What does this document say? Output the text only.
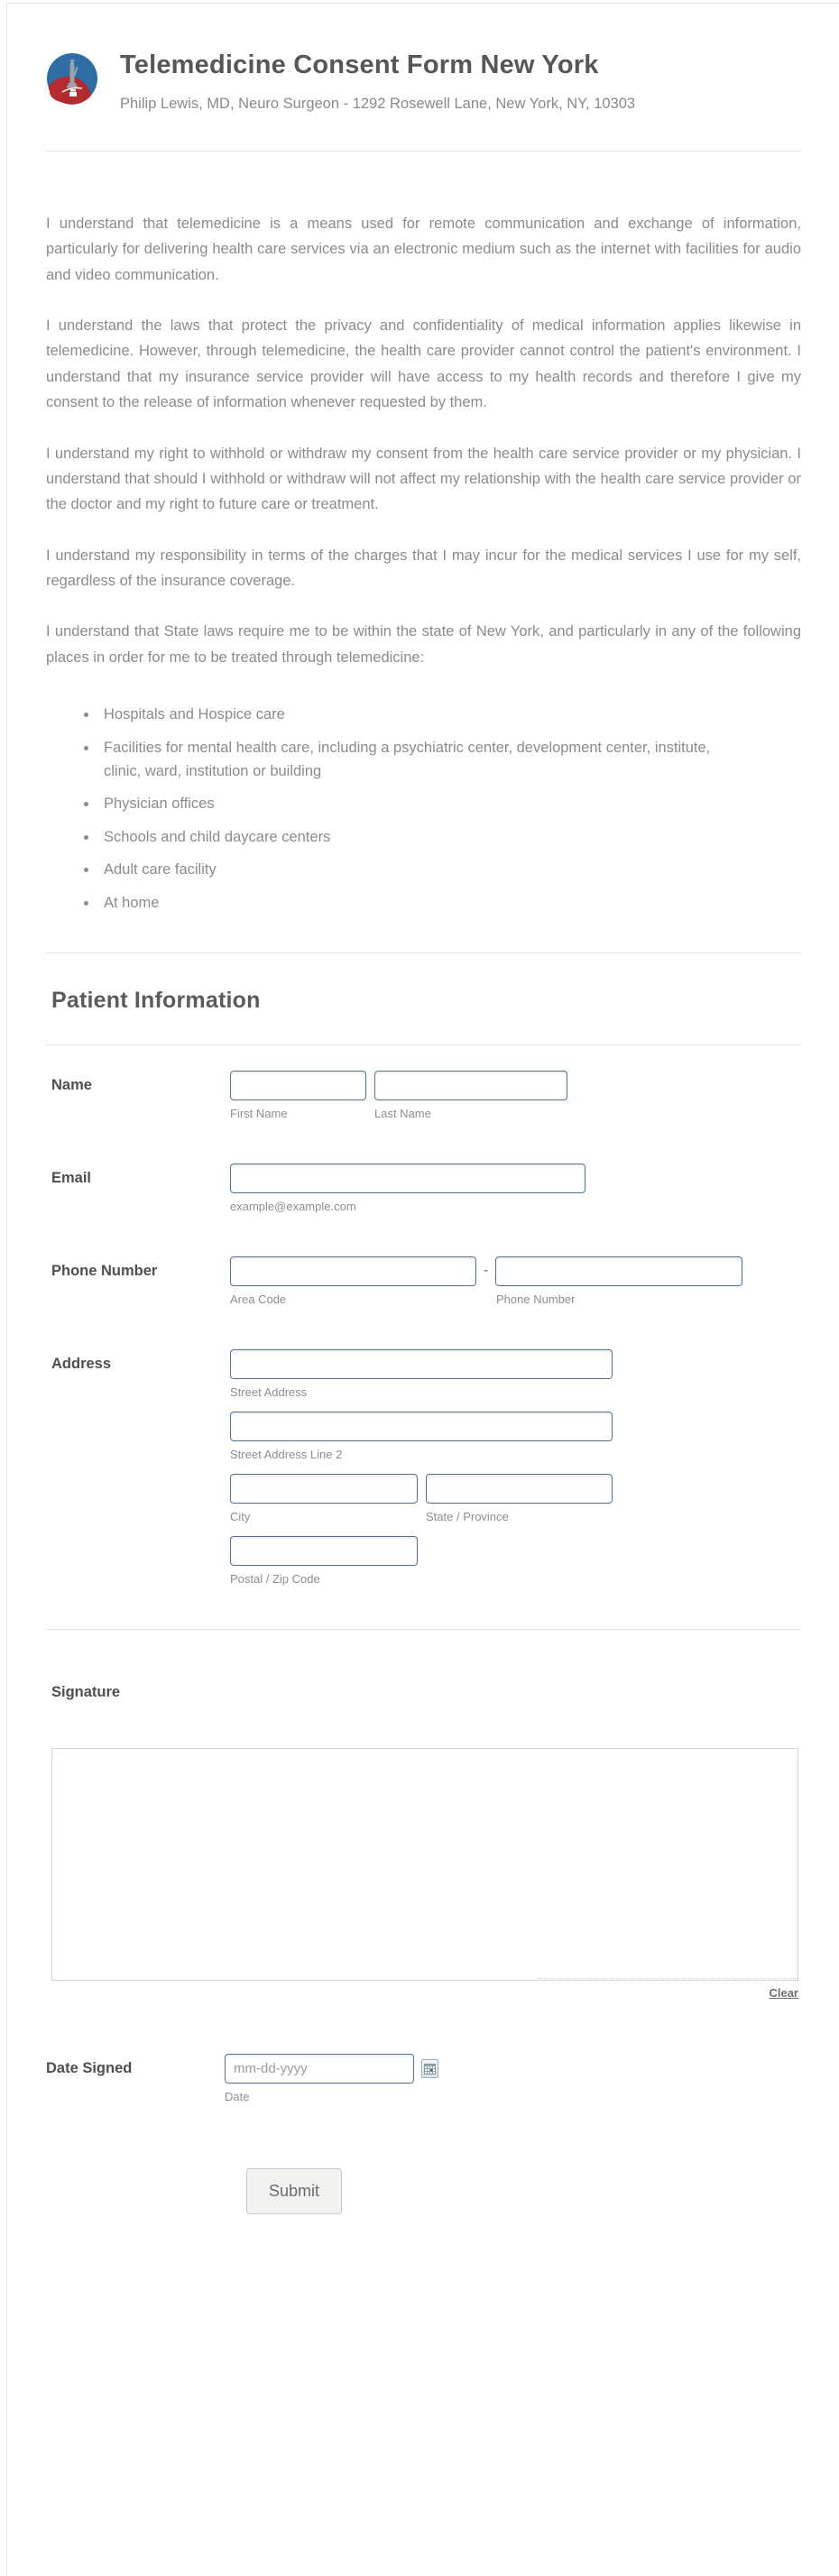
Telemedicine Consent Form New York
Philip Lewis, MD, Neuro Surgeon - 1292 Rosewell Lane, New York, NY, 10303

I understand that telemedicine is a means used for remote communication and exchange of information, particularly for delivering health care services via an electronic medium such as the internet with facilities for audio and video communication.

I understand the laws that protect the privacy and confidentiality of medical information applies likewise in telemedicine. However, through telemedicine, the health care provider cannot control the patient's environment. I understand that my insurance service provider will have access to my health records and therefore I give my consent to the release of information whenever requested by them.

I understand my right to withhold or withdraw my consent from the health care service provider or my physician. I understand that should I withhold or withdraw will not affect my relationship with the health care service provider or the doctor and my right to future care or treatment.

I understand my responsibility in terms of the charges that I may incur for the medical services I use for my self, regardless of the insurance coverage.

I understand that State laws require me to be within the state of New York, and particularly in any of the following places in order for me to be treated through telemedicine:

• Hospitals and Hospice care
• Facilities for mental health care, including a psychiatric center, development center, institute, clinic, ward, institution or building
• Physician offices
• Schools and child daycare centers
• Adult care facility
• At home
Patient Information
Name
First Name	Last Name
Email
example@example.com
Phone Number	-
Area Code	Phone Number
Address
Street Address
Street Address Line 2
City	State / Province
Postal / Zip Code
Signature
Clear
Date Signed
mm-dd-yyyy
Date
Submit
